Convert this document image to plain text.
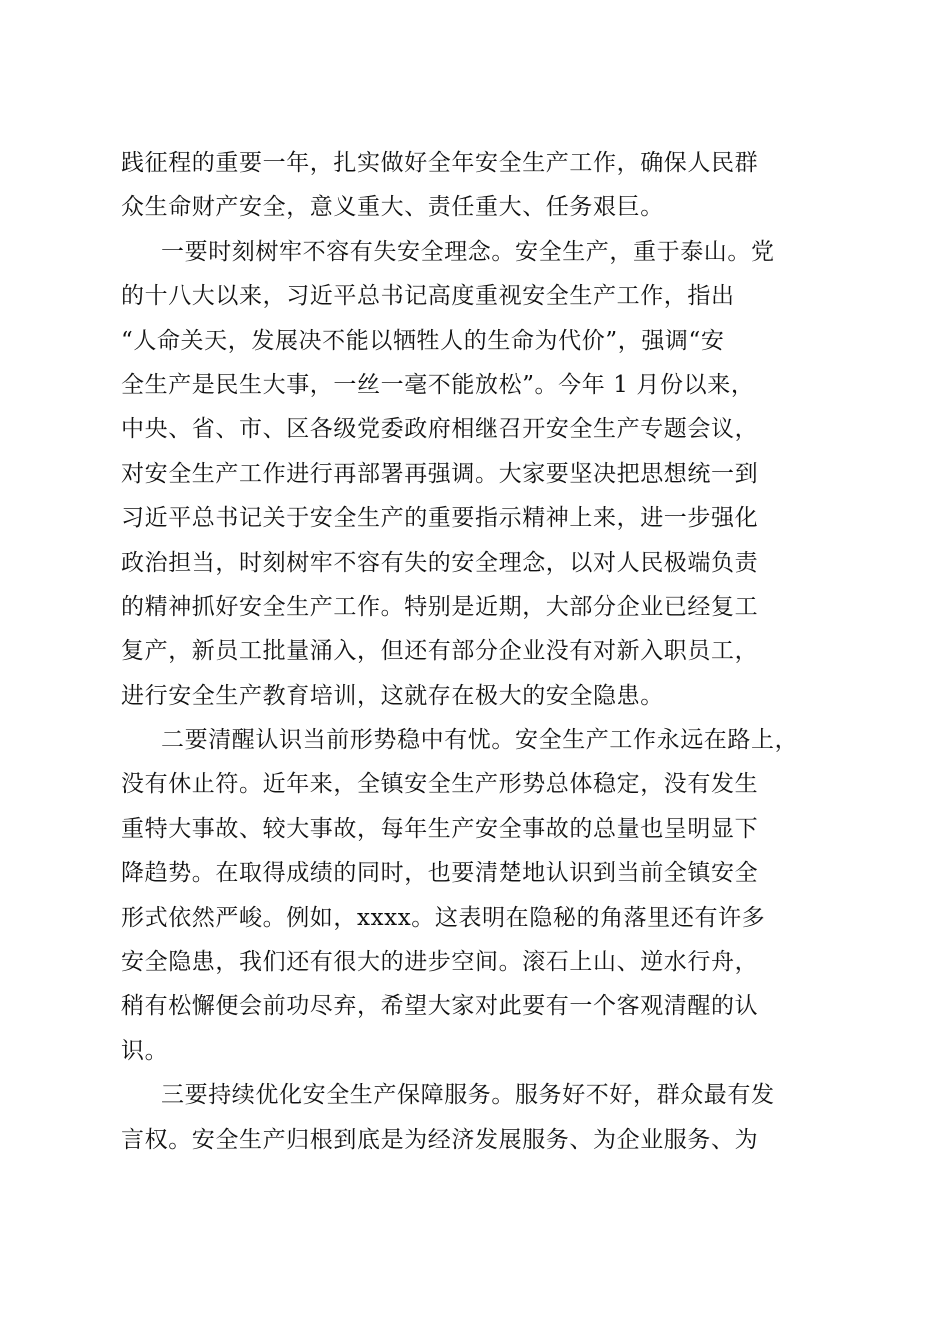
践征程的重要一年，扎实做好全年安全生产工作，确保人民群
众生命财产安全，意义重大、责任重大、任务艰巨。
一要时刻树牢不容有失安全理念。安全生产，重于泰山。党
的十八大以来，习近平总书记高度重视安全生产工作，指出
“人命关天，发展决不能以牺牲人的生命为代价”，强调“安
全生产是民生大事，一丝一毫不能放松”。今年 1 月份以来，
中央、省、市、区各级党委政府相继召开安全生产专题会议，
对安全生产工作进行再部署再强调。大家要坚决把思想统一到
习近平总书记关于安全生产的重要指示精神上来，进一步强化
政治担当，时刻树牢不容有失的安全理念，以对人民极端负责
的精神抓好安全生产工作。特别是近期，大部分企业已经复工
复产，新员工批量涌入，但还有部分企业没有对新入职员工，
进行安全生产教育培训，这就存在极大的安全隐患。
二要清醒认识当前形势稳中有忧。安全生产工作永远在路上，
没有休止符。近年来，全镇安全生产形势总体稳定，没有发生
重特大事故、较大事故，每年生产安全事故的总量也呈明显下
降趋势。在取得成绩的同时，也要清楚地认识到当前全镇安全
形式依然严峻。例如，xxxx。这表明在隐秘的角落里还有许多
安全隐患，我们还有很大的进步空间。滚石上山、逆水行舟，
稍有松懈便会前功尽弃，希望大家对此要有一个客观清醒的认
识。
三要持续优化安全生产保障服务。服务好不好，群众最有发
言权。安全生产归根到底是为经济发展服务、为企业服务、为
